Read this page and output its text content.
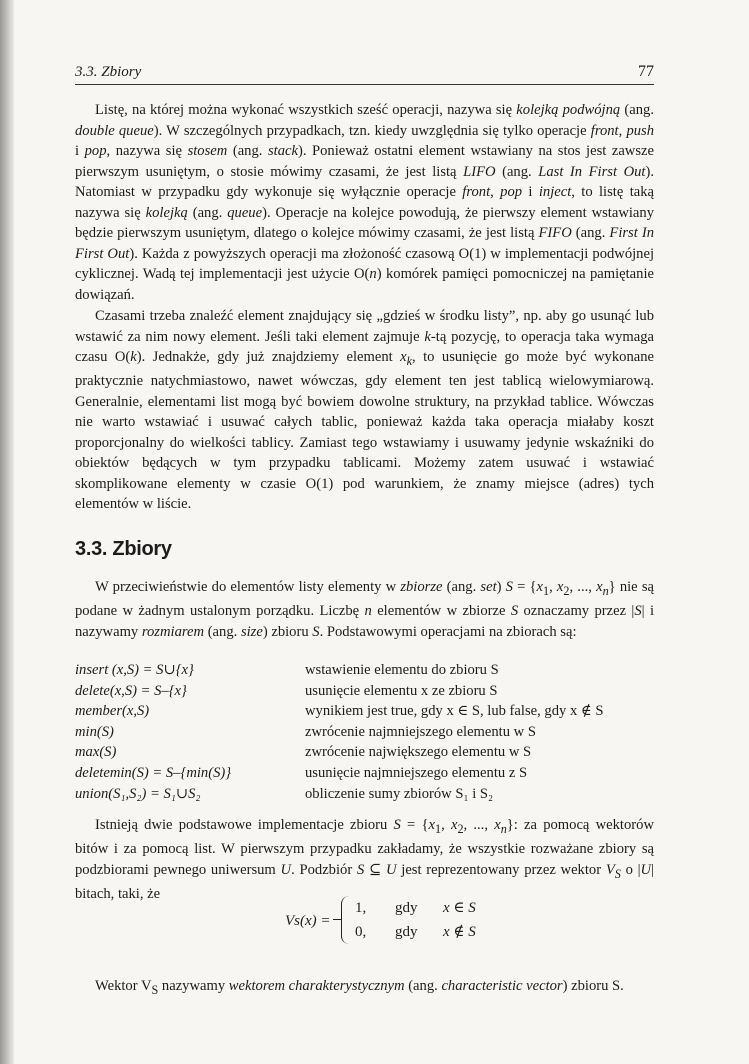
3.3. Zbiory	77

Listę, na której można wykonać wszystkich sześć operacji, nazywa się kolejką podwójną (ang. double queue). W szczególnych przypadkach, tzn. kiedy uwzględnia się tylko operacje front, push i pop, nazywa się stosem (ang. stack). Ponieważ ostatni element wstawiany na stos jest zawsze pierwszym usuniętym, o stosie mówimy czasami, że jest listą LIFO (ang. Last In First Out). Natomiast w przypadku gdy wykonuje się wyłącznie operacje front, pop i inject, to listę taką nazywa się kolejką (ang. queue). Operacje na kolejce powodują, że pierwszy element wstawiany będzie pierwszym usuniętym, dlatego o kolejce mówimy czasami, że jest listą FIFO (ang. First In First Out). Każda z powyższych operacji ma złożoność czasową O(1) w implementacji podwójnej cyklicznej. Wadą tej implementacji jest użycie O(n) komórek pamięci pomocniczej na pamiętanie dowiązań.

Czasami trzeba znaleźć element znajdujący się „gdzieś w środku listy”, np. aby go usunąć lub wstawić za nim nowy element. Jeśli taki element zajmuje k-tą pozycję, to operacja taka wymaga czasu O(k). Jednakże, gdy już znajdziemy element $x_k$, to usunięcie go może być wykonane praktycznie natychmiastowo, nawet wówczas, gdy element ten jest tablicą wielowymiarową. Generalnie, elementami list mogą być bowiem dowolne struktury, na przykład tablice. Wówczas nie warto wstawiać i usuwać całych tablic, ponieważ każda taka operacja miałaby koszt proporcjonalny do wielkości tablicy. Zamiast tego wstawiamy i usuwamy jedynie wskaźniki do obiektów będących w tym przypadku tablicami. Możemy zatem usuwać i wstawiać skomplikowane elementy w czasie O(1) pod warunkiem, że znamy miejsce (adres) tych elementów w liście.

3.3. Zbiory

W przeciwieństwie do elementów listy elementy w zbiorze (ang. set) $S = \{x_1$, $x_2$, ..., $x_n$} nie są podane w żadnym ustalonym porządku. Liczbę n elementów w zbiorze S oznaczamy przez |S| i nazywamy rozmiarem (ang. size) zbioru S. Podstawowymi operacjami na zbiorach są:

insert (x,S) = S∪{x}	wstawienie elementu do zbioru S
delete(x,S) = S–{x}	usunięcie elementu x ze zbioru S
member(x,S)	wynikiem jest true, gdy x ∈ S, lub false, gdy x ∉ S
min(S)	zwrócenie najmniejszego elementu w S
max(S)	zwrócenie największego elementu w S
deletemin(S) = S–{min(S)}	usunięcie najmniejszego elementu z S
union(S₁,S₂) = S₁∪S₂	obliczenie sumy zbiorów S₁ i S₂

Istnieją dwie podstawowe implementacje zbioru $S = \{x_1$, $x_2$, ..., $x_n$}: za pomocą wektorów bitów i za pomocą list. W pierwszym przypadku zakładamy, że wszystkie rozważane zbiory są podzbiorami pewnego uniwersum U. Podzbiór S ⊆ U jest reprezentowany przez wektor $V_S$ o |U| bitach, taki, że

Vs(x) =
1, gdy x ∈ S
0, gdy x ∉ S
Wektor $V_S$ nazywamy wektorem charakterystycznym (ang. characteristic vector) zbioru S.
